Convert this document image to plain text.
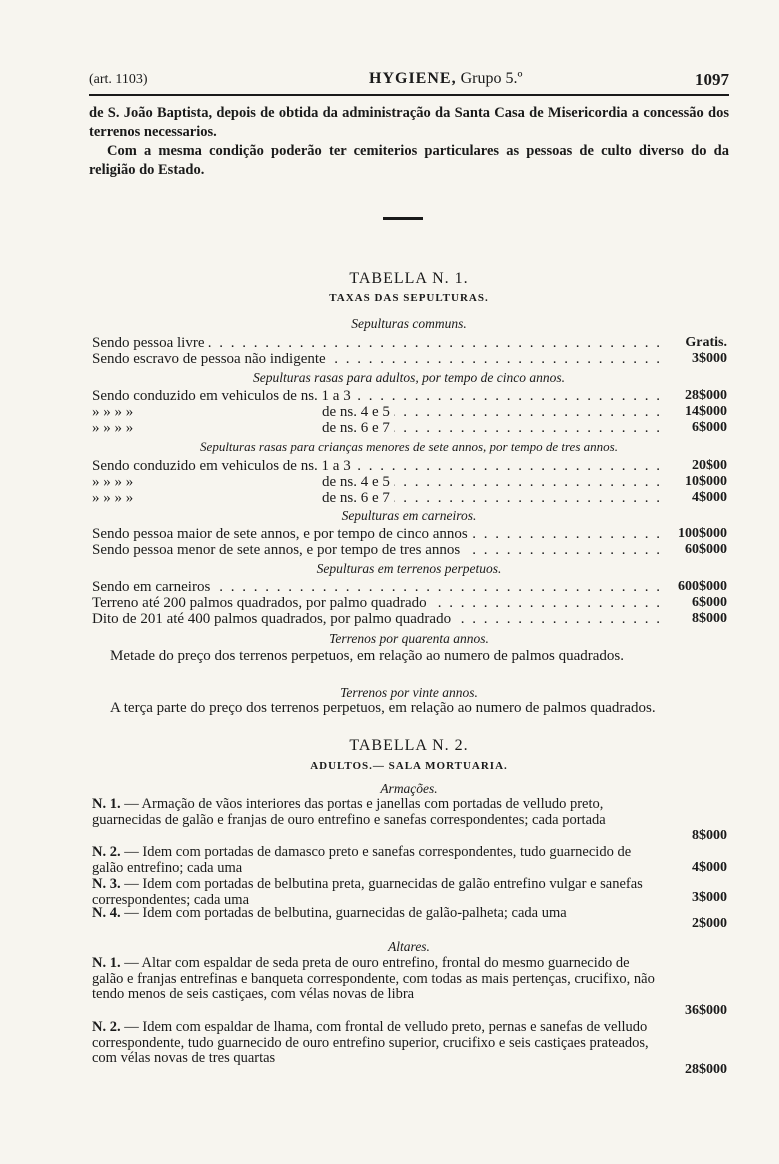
(art. 1103)	HYGIENE, Grupo 5.º	1097

de S. João Baptista, depois de obtida da administração da Santa Casa de Misericordia a concessão dos terrenos necessarios.

Com a mesma condição poderão ter cemiterios particulares as pessoas de culto diverso do da religião do Estado.

TABELLA N. 1.
TAXAS DAS SEPULTURAS.
Sepulturas communs.
Sendo pessoa livre . . .	Gratis.
Sendo escravo de pessoa não indigente . . .	3$000
Sepulturas rasas para adultos, por tempo de cinco annos.
Sendo conduzido em vehiculos de ns. 1 a 3 . . .	28$000
» » » »	de ns. 4 e 5 . . .	14$000
» » » »	de ns. 6 e 7 . . .	6$000
Sepulturas rasas para crianças menores de sete annos, por tempo de tres annos.
Sendo conduzido em vehiculos de ns. 1 a 3 . . .	20$00
» » » »	de ns. 4 e 5 . . .	10$000
» » » »	de ns. 6 e 7 . . .	4$000
Sepulturas em carneiros.
Sendo pessoa maior de sete annos, e por tempo de cinco annos . . .	100$000
Sendo pessoa menor de sete annos, e por tempo de tres annos . . .	60$000
Sepulturas em terrenos perpetuos.
Sendo em carneiros . . .	600$000
Terreno até 200 palmos quadrados, por palmo quadrado . . .	6$000
Dito de 201 até 400 palmos quadrados, por palmo quadrado . . .	8$000
Terrenos por quarenta annos.
Metade do preço dos terrenos perpetuos, em relação ao numero de palmos quadrados.
Terrenos por vinte annos.
A terça parte do preço dos terrenos perpetuos, em relação ao numero de palmos quadrados.
TABELLA N. 2.
ADULTOS.— SALA MORTUARIA.
Armações.
N. 1. — Armação de vãos interiores das portas e janellas com portadas de velludo preto, guarnecidas de galão e franjas de ouro entrefino e sanefas correspondentes; cada portada
8$000
N. 2. — Idem com portadas de damasco preto e sanefas correspondentes, tudo guarnecido de galão entrefino; cada uma	4$000
N. 3. — Idem com portadas de belbutina preta, guarnecidas de galão entrefino vulgar e sanefas correspondentes; cada uma	3$000
N. 4. — Idem com portadas de belbutina, guarnecidas de galão-palheta; cada uma
2$000
Altares.
N. 1. — Altar com espaldar de seda preta de ouro entrefino, frontal do mesmo guarnecido de galão e franjas entrefinas e banqueta correspondente, com todas as mais pertenças, crucifixo, não tendo menos de seis castiçaes, com vélas novas de libra
36$000
N. 2. — Idem com espaldar de lhama, com frontal de velludo preto, pernas e sanefas de velludo correspondente, tudo guarnecido de ouro entrefino superior, crucifixo e seis castiçaes prateados, com vélas novas de tres quartas
28$000
